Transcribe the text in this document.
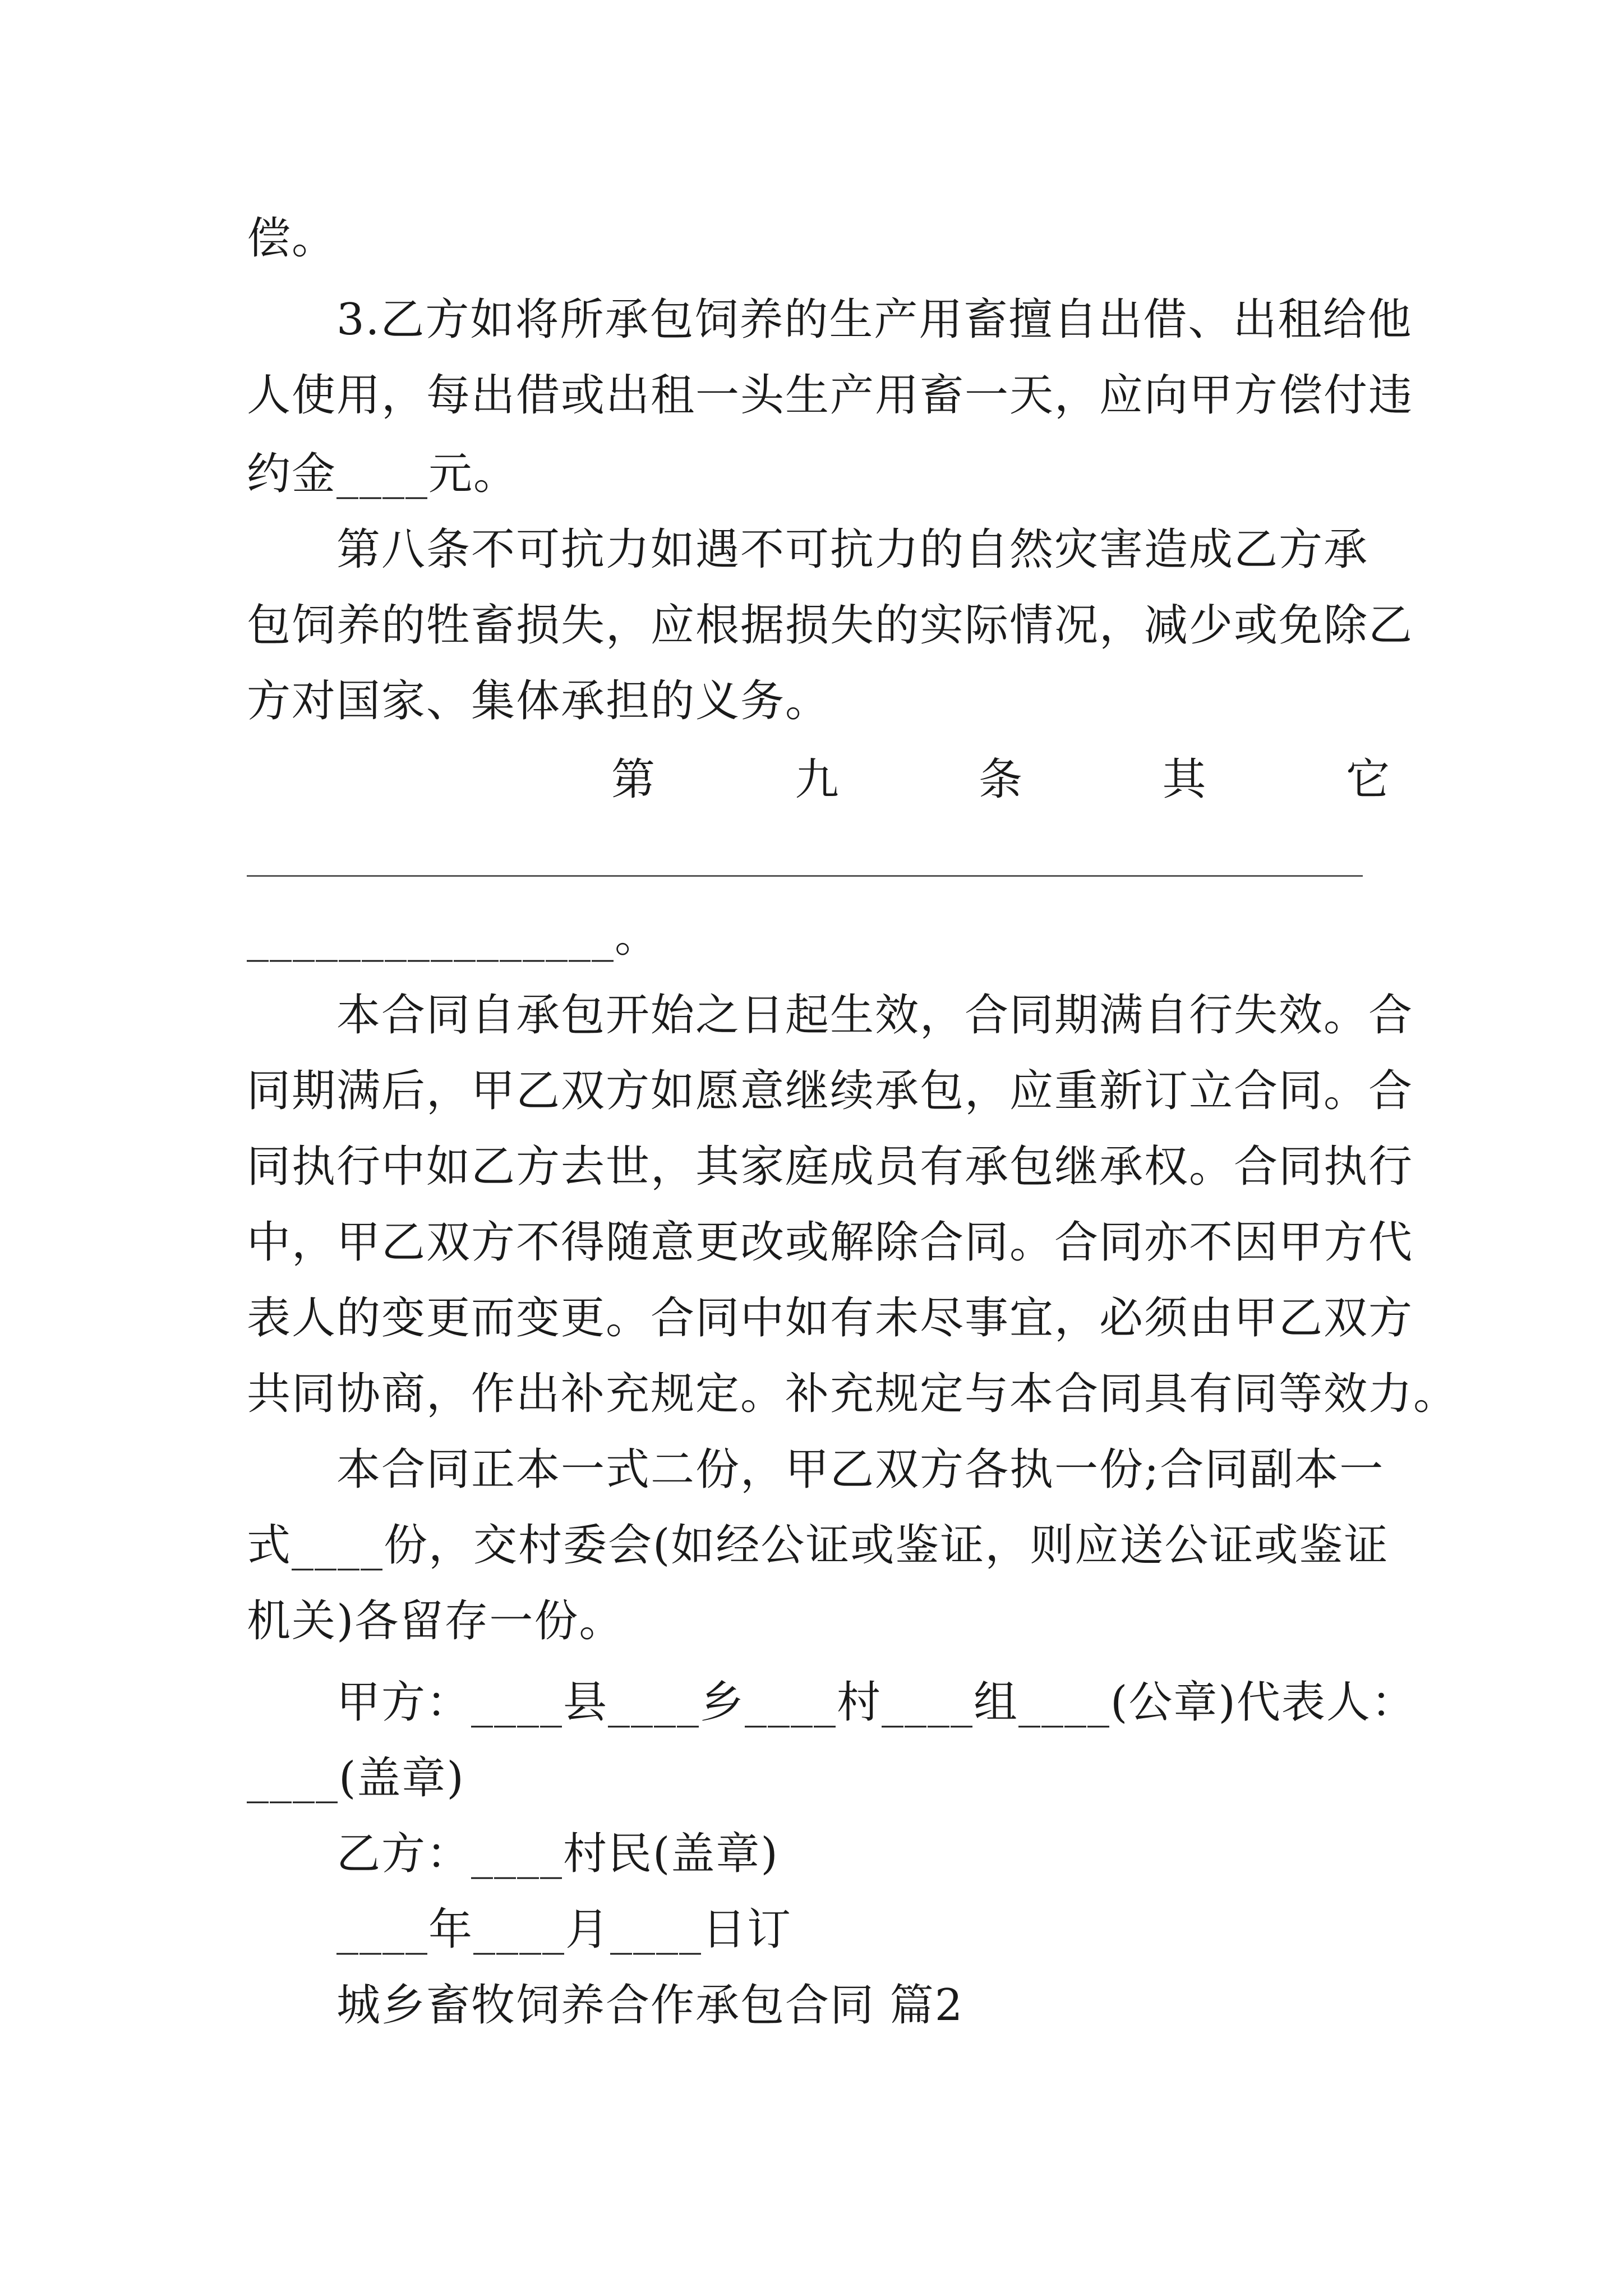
偿。
3.乙方如将所承包饲养的生产用畜擅自出借、出租给他
人使用，每出借或出租一头生产用畜一天，应向甲方偿付违
约金____元。
第八条不可抗力如遇不可抗力的自然灾害造成乙方承
包饲养的牲畜损失，应根据损失的实际情况，减少或免除乙
方对国家、集体承担的义务。
第	九	条	其	它
________________。
本合同自承包开始之日起生效，合同期满自行失效。合
同期满后，甲乙双方如愿意继续承包，应重新订立合同。合
同执行中如乙方去世，其家庭成员有承包继承权。合同执行
中，甲乙双方不得随意更改或解除合同。合同亦不因甲方代
表人的变更而变更。合同中如有未尽事宜，必须由甲乙双方
共同协商，作出补充规定。补充规定与本合同具有同等效力。
本合同正本一式二份，甲乙双方各执一份;合同副本一
式____份，交村委会(如经公证或鉴证，则应送公证或鉴证
机关)各留存一份。
甲方：____县____乡____村____组____(公章)代表人：
____(盖章)
乙方：____村民(盖章)
____年____月____日订
城乡畜牧饲养合作承包合同 篇2
